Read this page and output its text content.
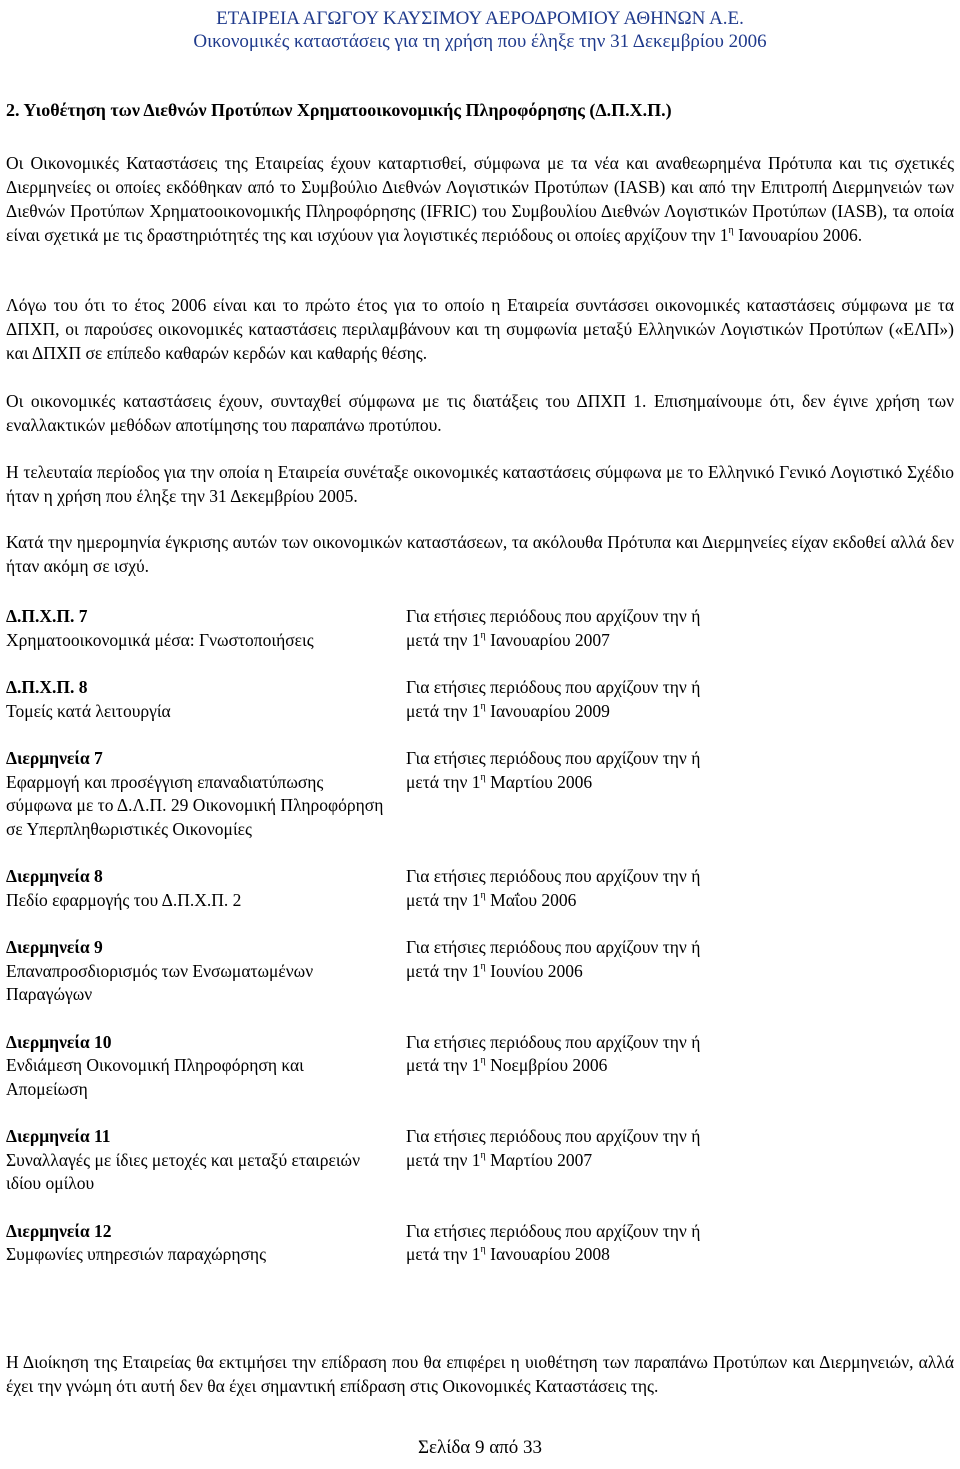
ΕΤΑΙΡΕΙΑ ΑΓΩΓΟΥ ΚΑΥΣΙΜΟΥ ΑΕΡΟΔΡΟΜΙΟΥ ΑΘΗΝΩΝ Α.Ε.
Οικονομικές καταστάσεις για τη χρήση που έληξε την 31 Δεκεμβρίου 2006
2. Υιοθέτηση των Διεθνών Προτύπων Χρηματοοικονομικής Πληροφόρησης (Δ.Π.Χ.Π.)

Οι Οικονομικές Καταστάσεις της Εταιρείας έχουν καταρτισθεί, σύμφωνα με τα νέα και αναθεωρημένα Πρότυπα και τις σχετικές Διερμηνείες οι οποίες εκδόθηκαν από το Συμβούλιο Διεθνών Λογιστικών Προτύπων (IASB) και από την Επιτροπή Διερμηνειών των Διεθνών Προτύπων Χρηματοοικονομικής Πληροφόρησης (IFRIC) του Συμβουλίου Διεθνών Λογιστικών Προτύπων (IASB), τα οποία είναι σχετικά με τις δραστηριότητές της και ισχύουν για λογιστικές περιόδους οι οποίες αρχίζουν την $1^\eta$ Ιανουαρίου 2006.

Λόγω του ότι το έτος 2006 είναι και το πρώτο έτος για το οποίο η Εταιρεία συντάσσει οικονομικές καταστάσεις σύμφωνα με τα ΔΠΧΠ, οι παρούσες οικονομικές καταστάσεις περιλαμβάνουν και τη συμφωνία μεταξύ Ελληνικών Λογιστικών Προτύπων («ΕΛΠ») και ΔΠΧΠ σε επίπεδο καθαρών κερδών και καθαρής θέσης.

Οι οικονομικές καταστάσεις έχουν, συνταχθεί σύμφωνα με τις διατάξεις του ΔΠΧΠ 1. Επισημαίνουμε ότι, δεν έγινε χρήση των εναλλακτικών μεθόδων αποτίμησης του παραπάνω προτύπου.

Η τελευταία περίοδος για την οποία η Εταιρεία συνέταξε οικονομικές καταστάσεις σύμφωνα με το Ελληνικό Γενικό Λογιστικό Σχέδιο ήταν η χρήση που έληξε την 31 Δεκεμβρίου 2005.

Κατά την ημερομηνία έγκρισης αυτών των οικονομικών καταστάσεων, τα ακόλουθα Πρότυπα και Διερμηνείες είχαν εκδοθεί αλλά δεν ήταν ακόμη σε ισχύ.

Δ.Π.Χ.Π. 7
Χρηματοοικονομικά μέσα: Γνωστοποιήσεις
Για ετήσιες περιόδους που αρχίζουν την ή
μετά την $1^\eta$ Ιανουαρίου 2007
Δ.Π.Χ.Π. 8
Τομείς κατά λειτουργία
Για ετήσιες περιόδους που αρχίζουν την ή
μετά την $1^\eta$ Ιανουαρίου 2009
Διερμηνεία 7
Εφαρμογή και προσέγγιση επαναδιατύπωσης σύμφωνα με το Δ.Λ.Π. 29 Οικονομική Πληροφόρηση σε Υπερπληθωριστικές Οικονομίες
Για ετήσιες περιόδους που αρχίζουν την ή
μετά την $1^\eta$ Μαρτίου 2006
Διερμηνεία 8
Πεδίο εφαρμογής του Δ.Π.Χ.Π. 2
Για ετήσιες περιόδους που αρχίζουν την ή
μετά την $1^\eta$ Μαΐου 2006
Διερμηνεία 9
Επαναπροσδιορισμός των Ενσωματωμένων Παραγώγων
Για ετήσιες περιόδους που αρχίζουν την ή
μετά την $1^\eta$ Ιουνίου 2006
Διερμηνεία 10
Ενδιάμεση Οικονομική Πληροφόρηση και Απομείωση
Για ετήσιες περιόδους που αρχίζουν την ή
μετά την $1^\eta$ Νοεμβρίου 2006
Διερμηνεία 11
Συναλλαγές με ίδιες μετοχές και μεταξύ εταιρειών ιδίου ομίλου
Για ετήσιες περιόδους που αρχίζουν την ή
μετά την $1^\eta$ Μαρτίου 2007
Διερμηνεία 12
Συμφωνίες υπηρεσιών παραχώρησης
Για ετήσιες περιόδους που αρχίζουν την ή
μετά την $1^\eta$ Ιανουαρίου 2008

Η Διοίκηση της Εταιρείας θα εκτιμήσει την επίδραση που θα επιφέρει η υιοθέτηση των παραπάνω Προτύπων και Διερμηνειών, αλλά έχει την γνώμη ότι αυτή δεν θα έχει σημαντική επίδραση στις Οικονομικές Καταστάσεις της.

Σελίδα 9 από 33
